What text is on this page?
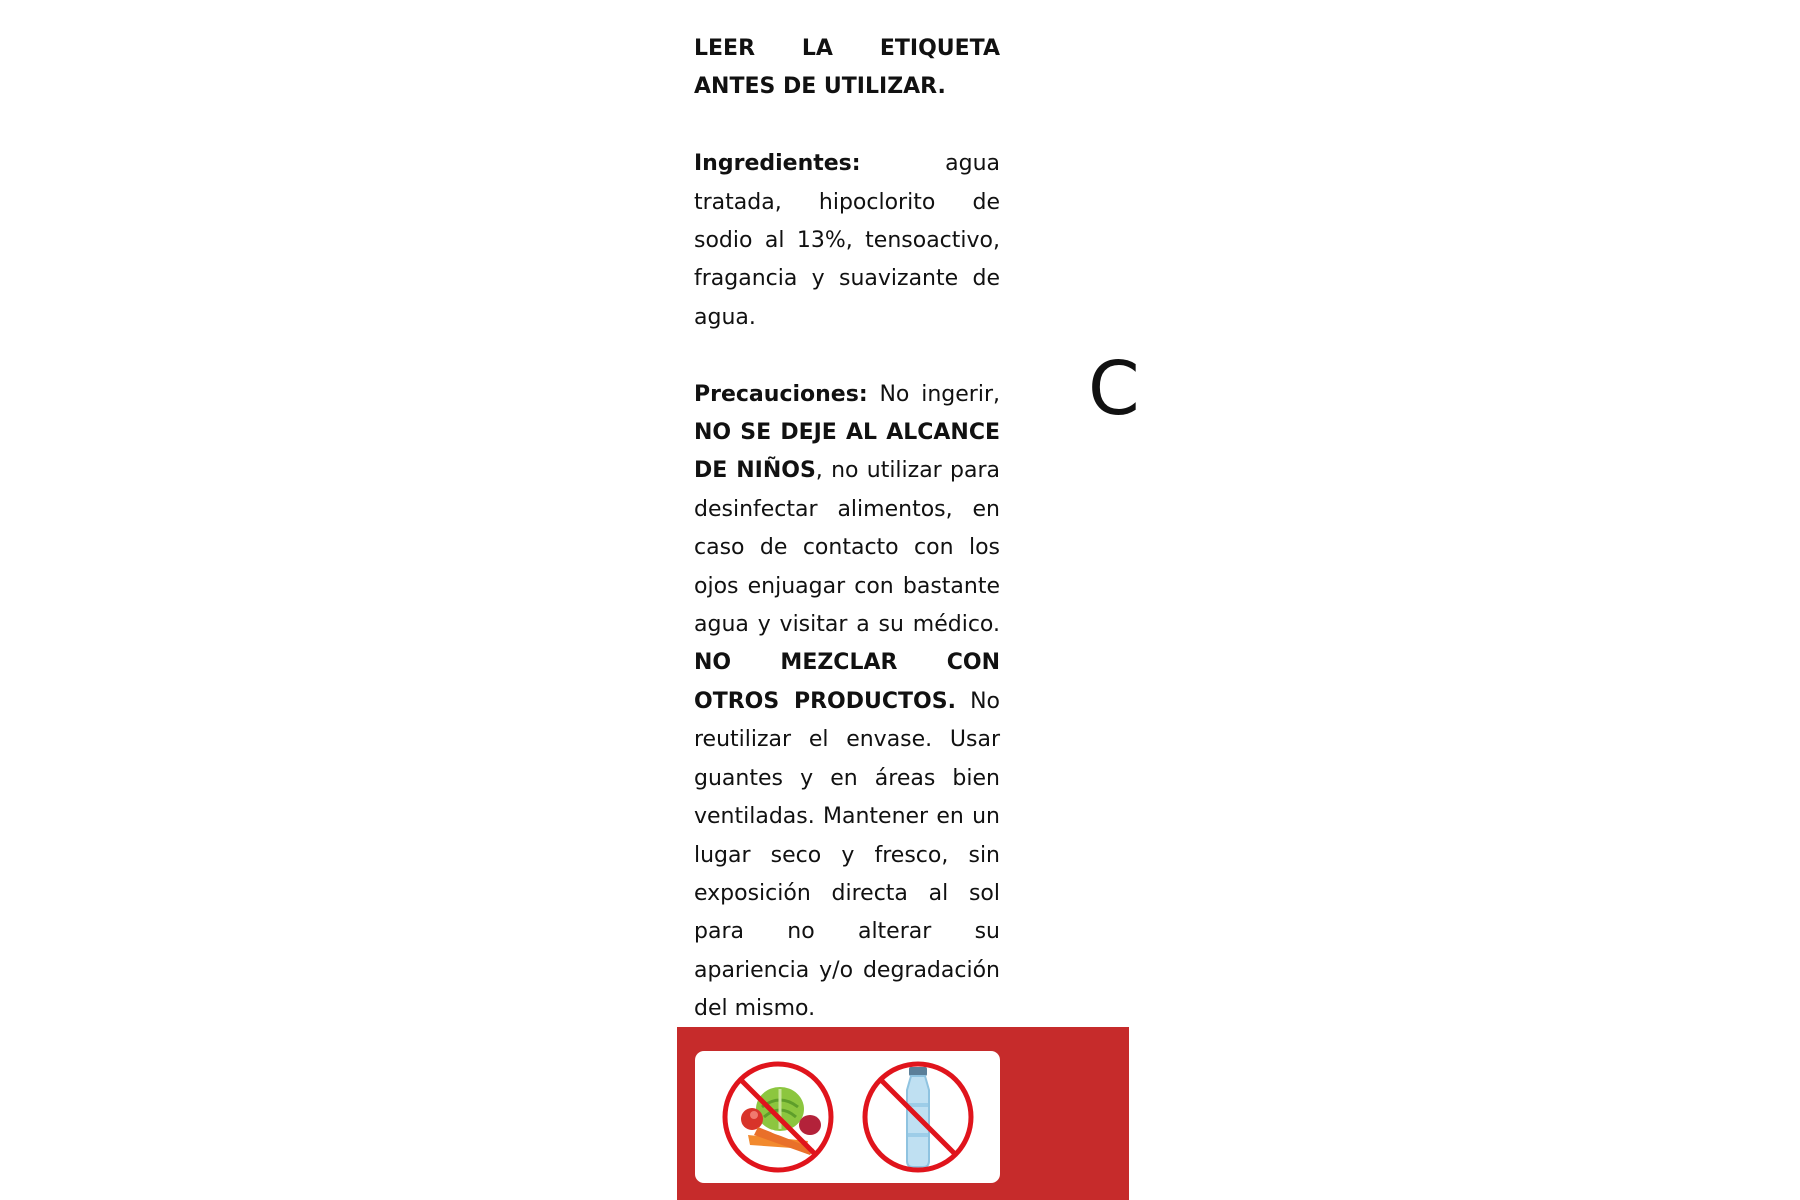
LEER LA ETIQUETA ANTES DE UTILIZAR.

Ingredientes: agua tratada, hipoclorito de sodio al 13%, tensoactivo, fragancia y suavizante de agua.

Precauciones: No ingerir, NO SE DEJE AL ALCANCE DE NIÑOS, no utilizar para desinfectar alimentos, en caso de contacto con los ojos enjuagar con bastante agua y visitar a su médico. NO MEZCLAR CON OTROS PRODUCTOS. No reutilizar el envase. Usar guantes y en áreas bien ventiladas. Mantener en un lugar seco y fresco, sin exposición directa al sol para no alterar su apariencia y/o degradación del mismo.

C
